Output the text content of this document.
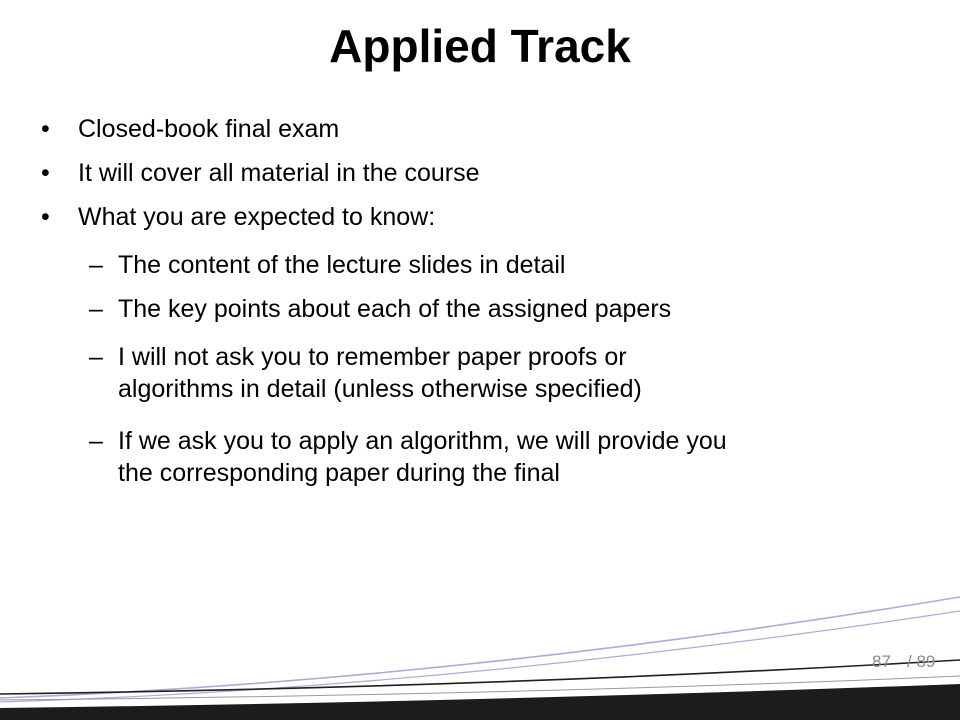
Applied Track
• Closed-book final exam
• It will cover all material in the course
• What you are expected to know:
– The content of the lecture slides in detail
– The key points about each of the assigned papers
– I will not ask you to remember paper proofs or
algorithms in detail (unless otherwise specified)
– If we ask you to apply an algorithm, we will provide you
the corresponding paper during the final
87 / 89
